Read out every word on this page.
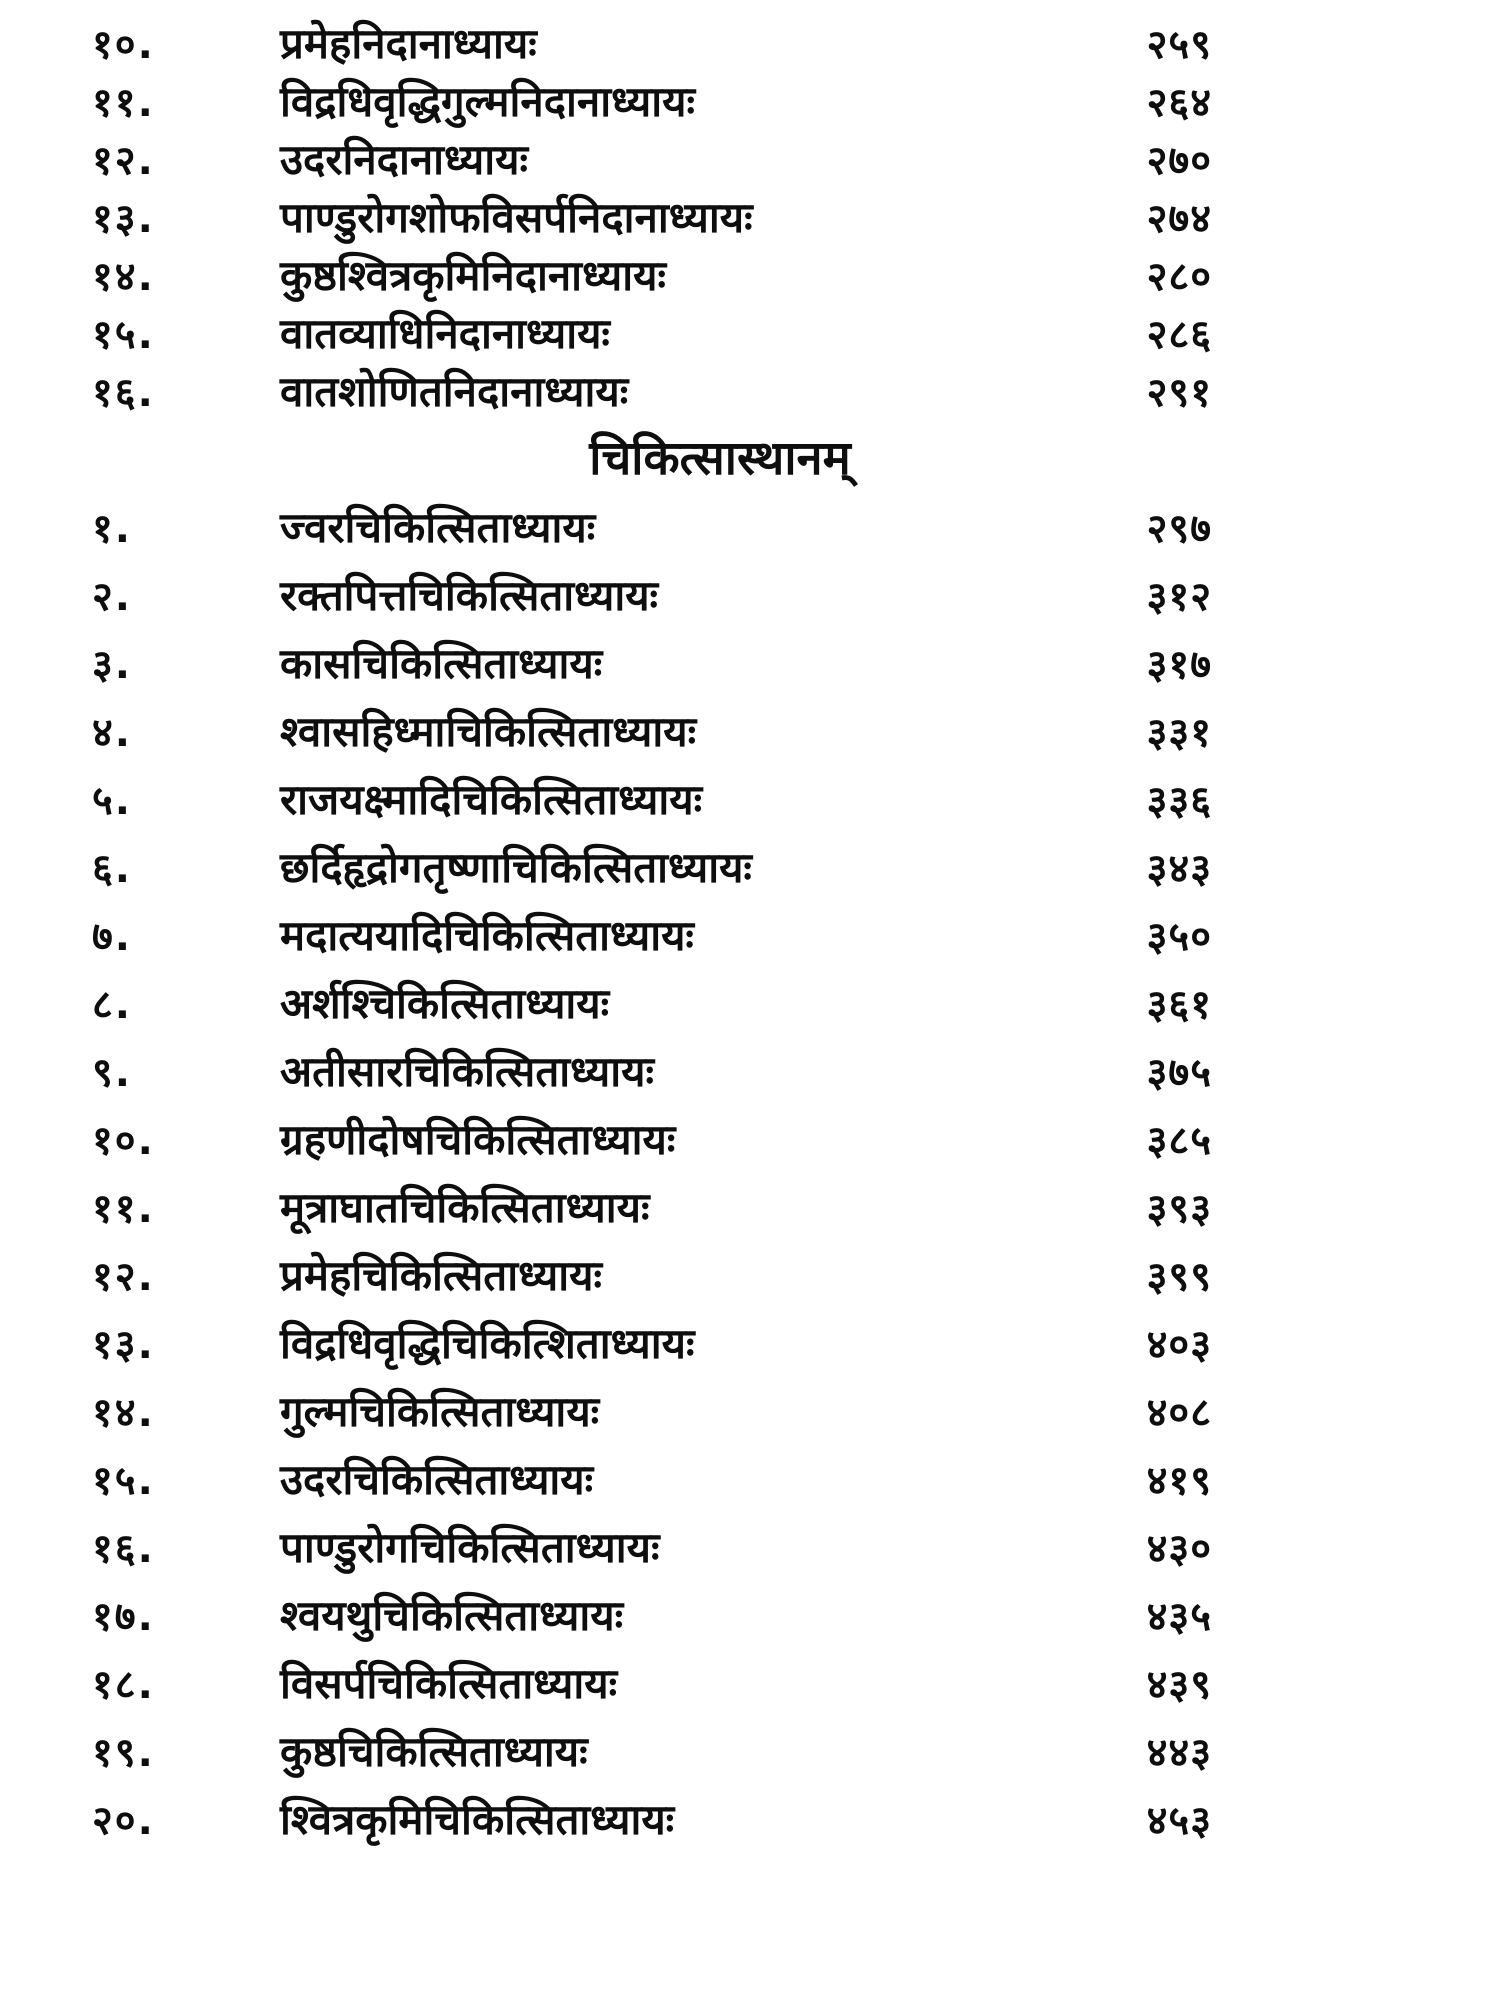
१०.	प्रमेहनिदानाध्यायः	२५९
११.	विद्रधिवृद्धिगुल्मनिदानाध्यायः	२६४
१२.	उदरनिदानाध्यायः	२७०
१३.	पाण्डुरोगशोफविसर्पनिदानाध्यायः	२७४
१४.	कुष्ठश्वित्रकृमिनिदानाध्यायः	२८०
१५.	वातव्याधिनिदानाध्यायः	२८६
१६.	वातशोणितनिदानाध्यायः	२९१
चिकित्सास्थानम्
१.	ज्वरचिकित्सिताध्यायः	२९७
२.	रक्तपित्तचिकित्सिताध्यायः	३१२
३.	कासचिकित्सिताध्यायः	३१७
४.	श्वासहिध्माचिकित्सिताध्यायः	३३१
५.	राजयक्ष्मादिचिकित्सिताध्यायः	३३६
६.	छर्दिहृद्रोगतृष्णाचिकित्सिताध्यायः	३४३
७.	मदात्ययादिचिकित्सिताध्यायः	३५०
८.	अर्शश्चिकित्सिताध्यायः	३६१
९.	अतीसारचिकित्सिताध्यायः	३७५
१०.	ग्रहणीदोषचिकित्सिताध्यायः	३८५
११.	मूत्राघातचिकित्सिताध्यायः	३९३
१२.	प्रमेहचिकित्सिताध्यायः	३९९
१३.	विद्रधिवृद्धिचिकित्शिताध्यायः	४०३
१४.	गुल्मचिकित्सिताध्यायः	४०८
१५.	उदरचिकित्सिताध्यायः	४१९
१६.	पाण्डुरोगचिकित्सिताध्यायः	४३०
१७.	श्वयथुचिकित्सिताध्यायः	४३५
१८.	विसर्पचिकित्सिताध्यायः	४३९
१९.	कुष्ठचिकित्सिताध्यायः	४४३
२०.	श्वित्रकृमिचिकित्सिताध्यायः	४५३
